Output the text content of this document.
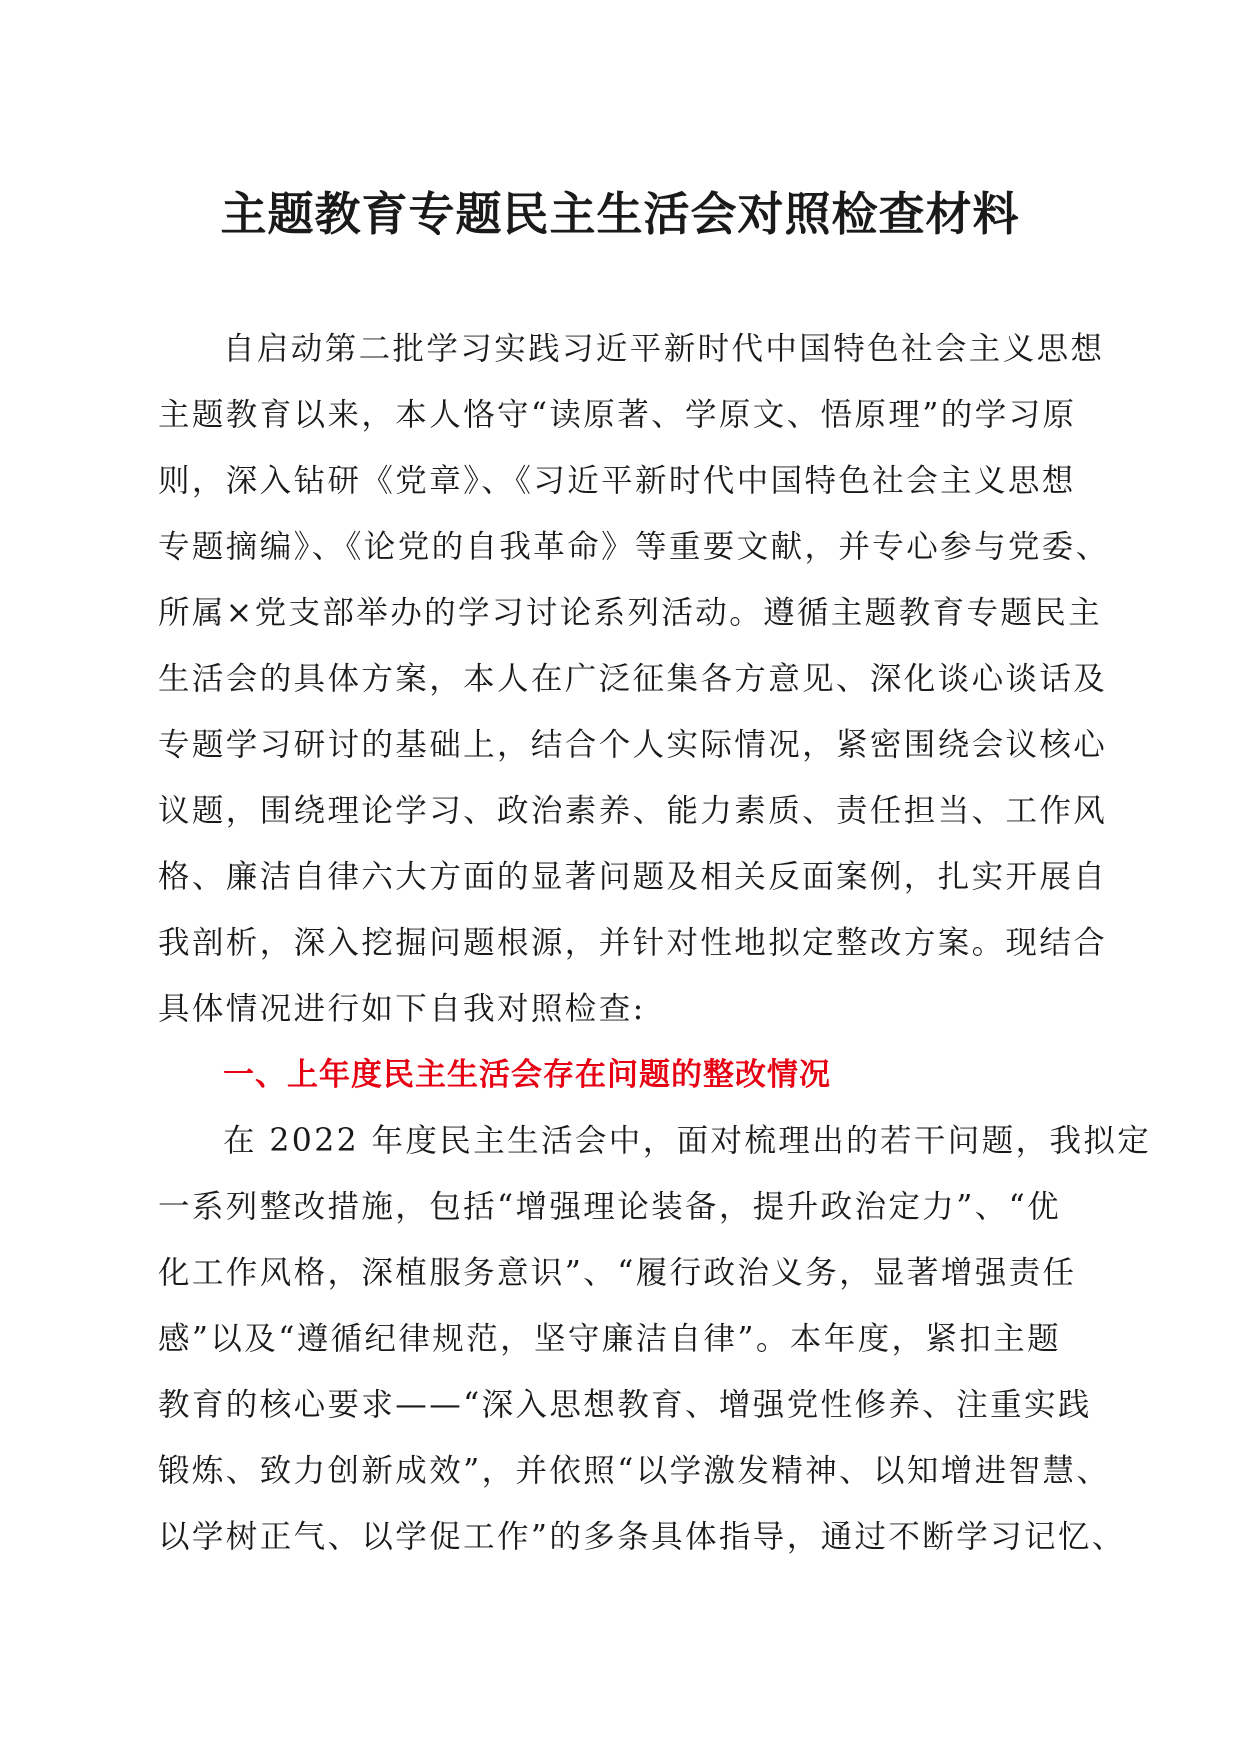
主题教育专题民主生活会对照检查材料
自启动第二批学习实践习近平新时代中国特色社会主义思想
主题教育以来，本人恪守“读原著、学原文、悟原理”的学习原
则，深入钻研《党章》、《习近平新时代中国特色社会主义思想
专题摘编》、《论党的自我革命》等重要文献，并专心参与党委、
所属×党支部举办的学习讨论系列活动。遵循主题教育专题民主
生活会的具体方案，本人在广泛征集各方意见、深化谈心谈话及
专题学习研讨的基础上，结合个人实际情况，紧密围绕会议核心
议题，围绕理论学习、政治素养、能力素质、责任担当、工作风
格、廉洁自律六大方面的显著问题及相关反面案例，扎实开展自
我剖析，深入挖掘问题根源，并针对性地拟定整改方案。现结合
具体情况进行如下自我对照检查:
一、上年度民主生活会存在问题的整改情况
在 2022 年度民主生活会中，面对梳理出的若干问题，我拟定
一系列整改措施，包括“增强理论装备，提升政治定力”、“优
化工作风格，深植服务意识”、“履行政治义务，显著增强责任
感”以及“遵循纪律规范，坚守廉洁自律”。本年度，紧扣主题
教育的核心要求——“深入思想教育、增强党性修养、注重实践
锻炼、致力创新成效”，并依照“以学激发精神、以知增进智慧、
以学树正气、以学促工作”的多条具体指导，通过不断学习记忆、
